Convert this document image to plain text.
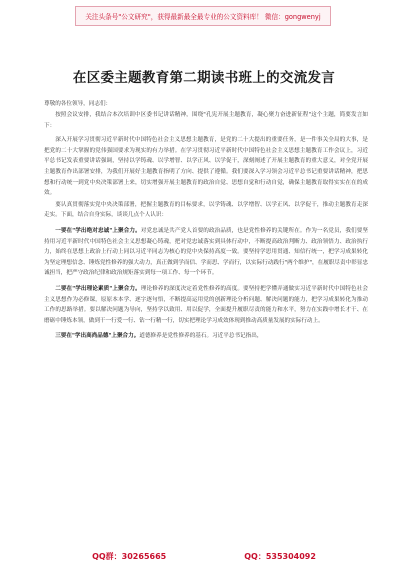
关注头条号"公文研究"，获得最新最全最专业的公文资料库！ 微信：gongwenyj
在区委主题教育第二期读书班上的交流发言
尊敬的各位领导，同志们：

按照会议安排，我结合本次培训中区委书记讲话精神，围绕"孔宪开展主题教育，凝心聚力奋进新征程"这个主题，简要发言如下：

深入开展学习贯彻习近平新时代中国特色社会主义思想主题教育，是党的二十大提出的重要任务，是一件事关全局的大事，是把党的二十大掌握的党伟强国要求为现实的有力举措。在学习贯彻习近平新时代中国特色社会主义思想主题教育工作会议上，习近平总书记发表重要讲话强调，坚持以学铸魂、以学增智、以学正风、以学促干，深刻阐述了开展主题教育的重大意义，对全党开展主题教育作出部署安排，为我们开展好主题教育指明了方向、提供了遵循。我们要深入学习领会习近平总书记重要讲话精神，把思想和行动统一到党中央决策部署上来，切实增强开展主题教育的政治自觉、思想自觉和行动自觉，确保主题教育取得实实在在的成效。

要认真贯彻落实党中央决策部署，把握主题教育的目标要求，以学铸魂、以学增智、以学正风、以学促干，推动主题教育走深走实。下面，结合自身实际，谈谈几点个人认识：

一要在"学出绝对忠诚"上聚合力。对党忠诚是共产党人首要的政治品质，也是党性修养的关键所在。作为一名党员，我们要坚持用习近平新时代中国特色社会主义思想凝心铸魂，把对党忠诚落实到具体行动中，不断提高政治判断力、政治领悟力、政治执行力，始终在思想上政治上行动上同以习近平同志为核心的党中央保持高度一致。要坚持学思用贯通、知信行统一，把学习成果转化为坚定理想信念、锤炼党性修养的强大动力，真正做到学而信、学而思、学而行，以实际行动践行"两个维护"，在履职尽责中彰显忠诚担当，把严守政治纪律和政治规矩落实到每一项工作、每一个环节。

二要在"学出理论素质"上聚合力。理论修养的深度决定着党性修养的高度。要坚持把学懂弄通做实习近平新时代中国特色社会主义思想作为必修课，原原本本学、逐字逐句悟，不断提高运用党的创新理论分析问题、解决问题的能力，把学习成果转化为推动工作的思路举措。要以解决问题为导向，坚持学以致用、用以促学，全面提升履职尽责的能力和水平，努力在实践中增长才干、在磨砺中锤炼本领，做到干一行爱一行、钻一行精一行，切实把理论学习成效体现到推动高质量发展的实际行动上。

三要在"学出高尚品德"上聚合力。道德修养是党性修养的基石。习近平总书记指出，

QQ群：30265665	QQ：535304092
